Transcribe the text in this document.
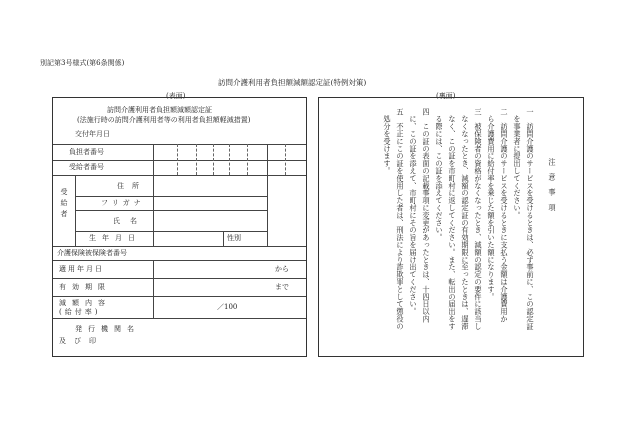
別記第3号様式(第6条関係)
訪問介護利用者負担額減額認定証(特例対策)
(表面)	(裏面)
訪問介護利用者負担額減額認定証
(法施行時の訪問介護利用者等の利用者負担額軽減措置)
交付年月日
負担者番号
受給者番号
受給者
住所
フリガナ
氏名
生年月日	性別
介護保険被保険者番号
適用年月日	から
有効期限	まで
減額内容
(給付率)
／100
発行機関名
及び印
注意事項
一　訪問介護のサービスを受けるときは、必ず事前に、この認定証
　を事業者に提出してください。
二　訪問介護のサービスを受けるときに支払う金額は介護費用か
　ら介護費用に給付率を乗じた額を引いた額になります。
三　被保険者の資格がなくなったとき、減額の認定の要件に該当し
　なくなったとき、減額の認定証の有効期限に至ったときは、遅滞
　なく、この証を市町村に返してください。また、転出の届出をす
　る際には、この証を添えてください。
四　この証の表面の記載事項に変更があったときは、十四日以内
　に、この証を添えて、市町村にその旨を届け出てください。
五　不正にこの証を使用した者は、刑法により詐欺罪として懲役の
　処分を受けます。
